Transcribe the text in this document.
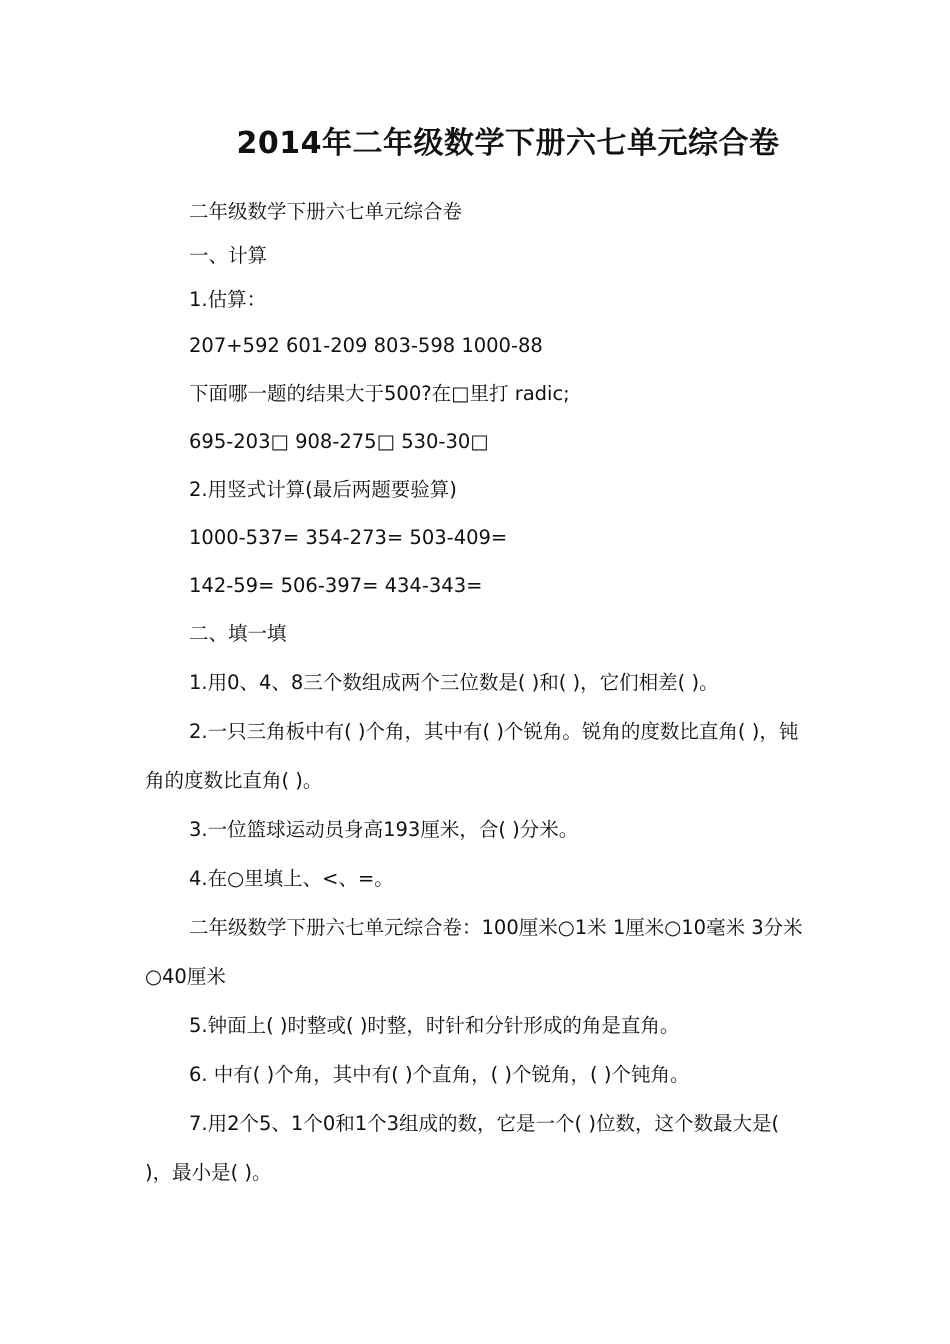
2014年二年级数学下册六七单元综合卷

二年级数学下册六七单元综合卷

一、计算

1.估算：

207+592 601-209 803-598 1000-88

下面哪一题的结果大于500?在□里打 radic;

695-203□ 908-275□ 530-30□

2.用竖式计算(最后两题要验算)

1000-537= 354-273= 503-409=

142-59= 506-397= 434-343=

二、填一填

1.用0、4、8三个数组成两个三位数是( )和( )，它们相差( )。

2.一只三角板中有( )个角，其中有( )个锐角。锐角的度数比直角( )，钝角的度数比直角( )。

3.一位篮球运动员身高193厘米，合( )分米。

4.在○里填上、<、=。

二年级数学下册六七单元综合卷：100厘米○1米 1厘米○10毫米 3分米○40厘米

5.钟面上( )时整或( )时整，时针和分针形成的角是直角。

6. 中有( )个角，其中有( )个直角，( )个锐角，( )个钝角。

7.用2个5、1个0和1个3组成的数，它是一个( )位数，这个数最大是( )，最小是( )。
